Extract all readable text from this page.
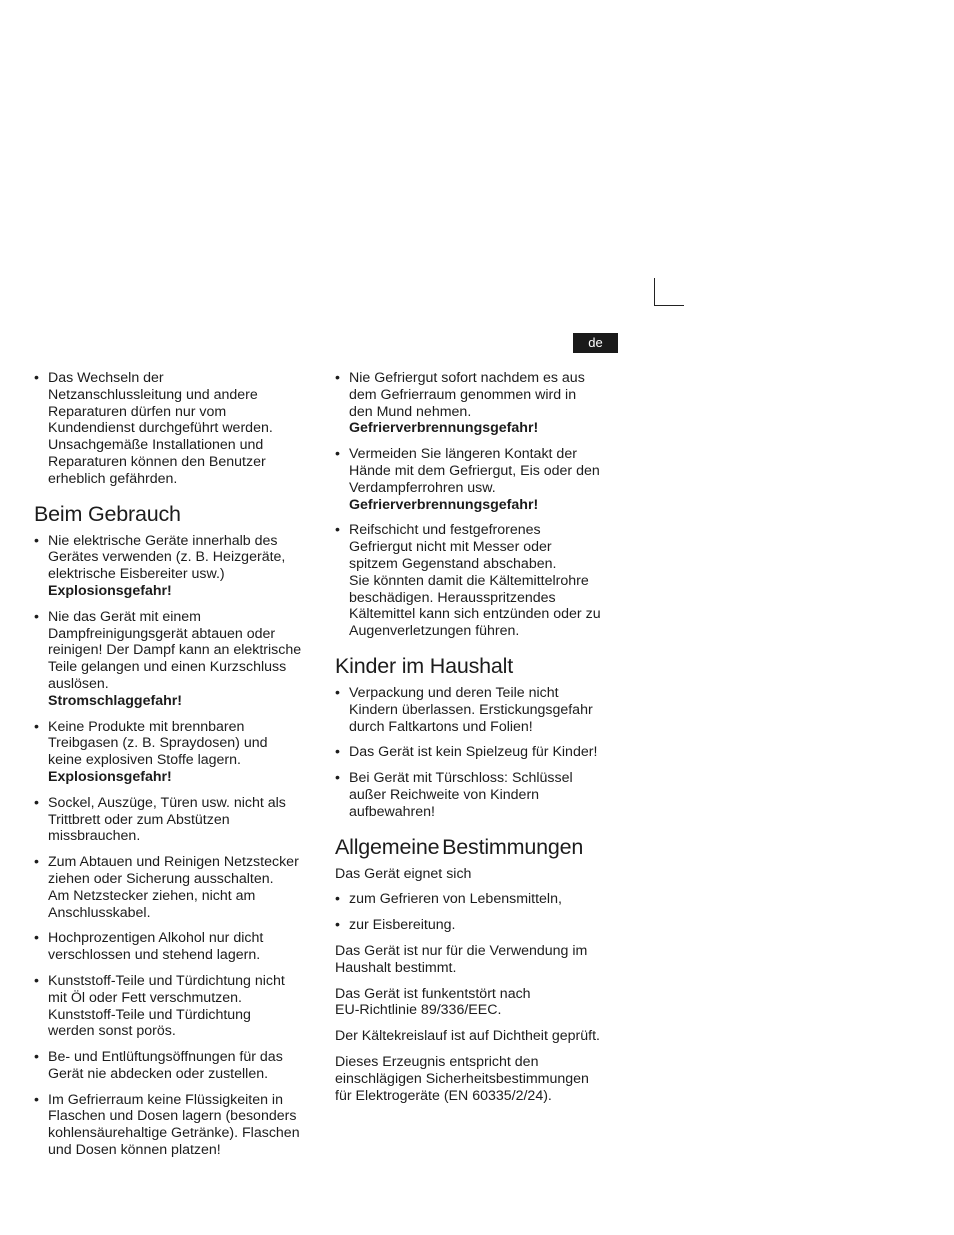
de
• Das Wechseln der
Netzanschlussleitung und andere
Reparaturen dürfen nur vom
Kundendienst durchgeführt werden.
Unsachgemäße Installationen und
Reparaturen können den Benutzer
erheblich gefährden.
Beim Gebrauch
• Nie elektrische Geräte innerhalb des
Gerätes verwenden (z. B. Heizgeräte,
elektrische Eisbereiter usw.)
Explosionsgefahr!
• Nie das Gerät mit einem
Dampfreinigungsgerät abtauen oder
reinigen! Der Dampf kann an elektrische
Teile gelangen und einen Kurzschluss
auslösen.
Stromschlaggefahr!
• Keine Produkte mit brennbaren
Treibgasen (z. B. Spraydosen) und
keine explosiven Stoffe lagern.
Explosionsgefahr!
• Sockel, Auszüge, Türen usw. nicht als
Trittbrett oder zum Abstützen
missbrauchen.
• Zum Abtauen und Reinigen Netzstecker
ziehen oder Sicherung ausschalten.
Am Netzstecker ziehen, nicht am
Anschlusskabel.
• Hochprozentigen Alkohol nur dicht
verschlossen und stehend lagern.
• Kunststoff-Teile und Türdichtung nicht
mit Öl oder Fett verschmutzen.
Kunststoff-Teile und Türdichtung
werden sonst porös.
• Be- und Entlüftungsöffnungen für das
Gerät nie abdecken oder zustellen.
• Im Gefrierraum keine Flüssigkeiten in
Flaschen und Dosen lagern (besonders
kohlensäurehaltige Getränke). Flaschen
und Dosen können platzen!
• Nie Gefriergut sofort nachdem es aus
dem Gefrierraum genommen wird in
den Mund nehmen.
Gefrierverbrennungsgefahr!
• Vermeiden Sie längeren Kontakt der
Hände mit dem Gefriergut, Eis oder den
Verdampferrohren usw.
Gefrierverbrennungsgefahr!
• Reifschicht und festgefrorenes
Gefriergut nicht mit Messer oder
spitzem Gegenstand abschaben.
Sie könnten damit die Kältemittelrohre
beschädigen. Herausspritzendes
Kältemittel kann sich entzünden oder zu
Augenverletzungen führen.
Kinder im Haushalt
• Verpackung und deren Teile nicht
Kindern überlassen. Erstickungsgefahr
durch Faltkartons und Folien!
• Das Gerät ist kein Spielzeug für Kinder!
• Bei Gerät mit Türschloss: Schlüssel
außer Reichweite von Kindern
aufbewahren!
Allgemeine Bestimmungen

Das Gerät eignet sich

• zum Gefrieren von Lebensmitteln,
• zur Eisbereitung.

Das Gerät ist nur für die Verwendung im
Haushalt bestimmt.

Das Gerät ist funkentstört nach
EU-Richtlinie 89/336/EEC.

Der Kältekreislauf ist auf Dichtheit geprüft.

Dieses Erzeugnis entspricht den
einschlägigen Sicherheitsbestimmungen
für Elektrogeräte (EN 60335/2/24).
